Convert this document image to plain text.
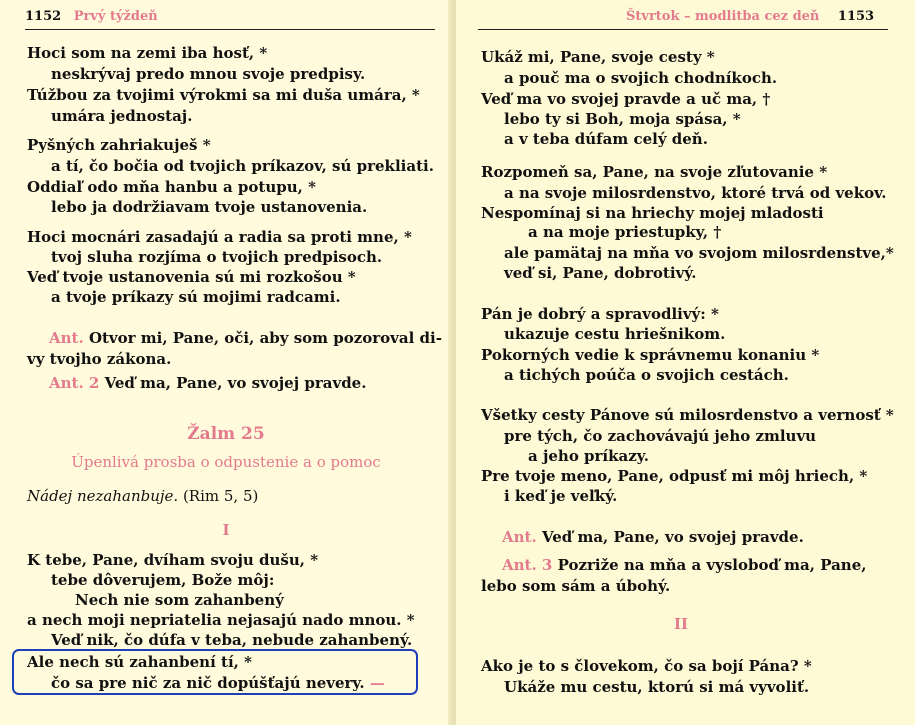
1152 Prvý týždeň
Hoci som na zemi iba hosť, *
neskrývaj predo mnou svoje predpisy.
Túžbou za tvojimi výrokmi sa mi duša umára, *
umára jednostaj.
Pyšných zahriakuješ *
a tí, čo bočia od tvojich príkazov, sú prekliati.
Oddiaľ odo mňa hanbu a potupu, *
lebo ja dodržiavam tvoje ustanovenia.
Hoci mocnári zasadajú a radia sa proti mne, *
tvoj sluha rozjíma o tvojich predpisoch.
Veď tvoje ustanovenia sú mi rozkošou *
a tvoje príkazy sú mojimi radcami.
Ant. Otvor mi, Pane, oči, aby som pozoroval di-
vy tvojho zákona.
Ant. 2 Veď ma, Pane, vo svojej pravde.
Žalm 25
Úpenlivá prosba o odpustenie a o pomoc
Nádej nezahanbuje. (Rim 5, 5)
I
K tebe, Pane, dvíham svoju dušu, *
tebe dôverujem, Bože môj:
Nech nie som zahanbený
a nech moji nepriatelia nejasajú nado mnou. *
Veď nik, čo dúfa v teba, nebude zahanbený.
Ale nech sú zahanbení tí, *
čo sa pre nič za nič dopúšťajú nevery. —
Štvrtok – modlitba cez deň 1153
Ukáž mi, Pane, svoje cesty *
a pouč ma o svojich chodníkoch.
Veď ma vo svojej pravde a uč ma, †
lebo ty si Boh, moja spása, *
a v teba dúfam celý deň.
Rozpomeň sa, Pane, na svoje zľutovanie *
a na svoje milosrdenstvo, ktoré trvá od vekov.
Nespomínaj si na hriechy mojej mladosti
a na moje priestupky, †
ale pamätaj na mňa vo svojom milosrdenstve,*
veď si, Pane, dobrotivý.
Pán je dobrý a spravodlivý: *
ukazuje cestu hriešnikom.
Pokorných vedie k správnemu konaniu *
a tichých poúča o svojich cestách.
Všetky cesty Pánove sú milosrdenstvo a vernosť *
pre tých, čo zachovávajú jeho zmluvu
a jeho príkazy.
Pre tvoje meno, Pane, odpusť mi môj hriech, *
i keď je veľký.
Ant. Veď ma, Pane, vo svojej pravde.
Ant. 3 Pozriže na mňa a vysloboď ma, Pane,
lebo som sám a úbohý.
II
Ako je to s človekom, čo sa bojí Pána? *
Ukáže mu cestu, ktorú si má vyvoliť.
